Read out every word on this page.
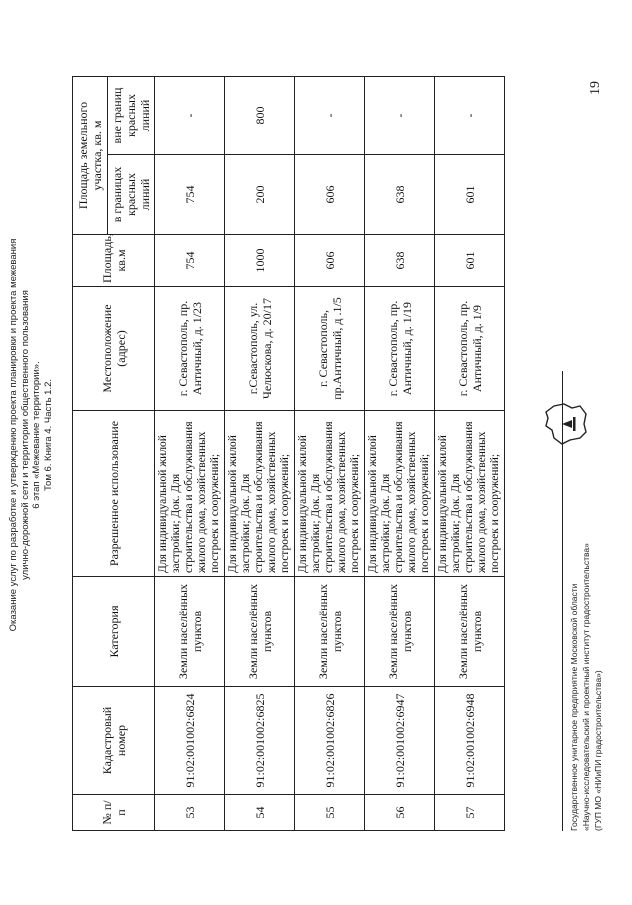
Оказание услуг по разработке и утверждению проекта планировки и проекта межевания улично-дорожной сети и территории общественного пользования 6 этап «Межевание территории». Том 6. Книга 4. Часть 1.2.
19
№ п/п	Кадастровый номер	Категория	Разрешенное использование	Местоположение (адрес)	Площадь, кв.м	Площадь земельного участка, кв. м	
						в границах красных линий	вне границ красных линий
53	91:02:001002:6824	Земли населённых пунктов	Для индивидуальной жилой застройки; Док. Для строительства и обслуживания жилого дома, хозяйственных построек и сооружений;	г. Севастополь, пр. Античный, д. 1/23	754	754	-
54	91:02:001002:6825	Земли населённых пунктов	Для индивидуальной жилой застройки; Док. Для строительства и обслуживания жилого дома, хозяйственных построек и сооружений;	г.Севастополь, ул. Челюскова, д. 20/17	1000	200	800
55	91:02:001002:6826	Земли населённых пунктов	Для индивидуальной жилой застройки; Док. Для строительства и обслуживания жилого дома, хозяйственных построек и сооружений;	г. Севастополь, пр.Античный, д .1/5	606	606	-
56	91:02:001002:6947	Земли населённых пунктов	Для индивидуальной жилой застройки; Док. Для строительства и обслуживания жилого дома, хозяйственных построек и сооружений;	г. Севастополь, пр. Античный, д. 1/19	638	638	-
57	91:02:001002:6948	Земли населённых пунктов	Для индивидуальной жилой застройки; Док. Для строительства и обслуживания жилого дома, хозяйственных построек и сооружений;	г. Севастополь, пр. Античный, д. 1/9	601	601	-
Государственное унитарное предприятие Московской области «Научно-исследовательский и проектный институт градостроительства» (ГУП МО «НИиПИ градостроительства»)
